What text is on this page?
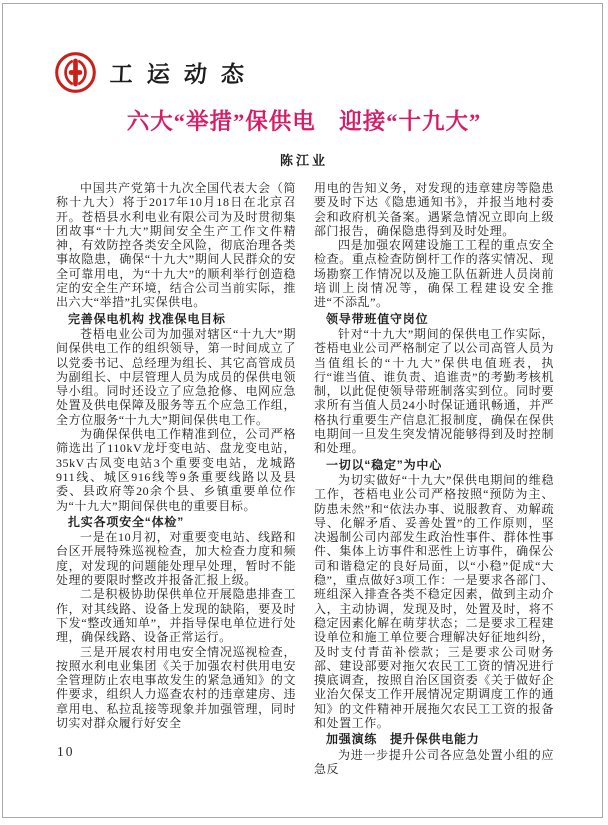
工运动态
六大“举措”保供电　迎接“十九大”
陈江业
中国共产党第十九次全国代表大会（简称十九大）将于2017年10月18日在北京召开。苍梧县水利电业有限公司为及时贯彻集团故事“十九大”期间安全生产工作文件精神，有效防控各类安全风险，彻底治理各类事故隐患，确保“十九大”期间人民群众的安全可靠用电，为“十九大”的顺利举行创造稳定的安全生产环境，结合公司当前实际，推出六大“举措”扎实保供电。
完善保电机构 找准保电目标
苍梧电业公司为加强对辖区“十九大”期间保供电工作的组织领导，第一时间成立了以党委书记、总经理为组长、其它高管成员为副组长、中层管理人员为成员的保供电领导小组。同时还设立了应急抢修、电网应急处置及供电保障及服务等五个应急工作组，全方位服务“十九大”期间保供电工作。
为确保保供电工作精准到位，公司严格筛选出了110kV龙圩变电站、盘龙变电站，35kV古凤变电站3个重要变电站，龙城路911线、城区916线等9条重要线路以及县委、县政府等20余个县、乡镇重要单位作为“十九大”期间保供电的重要目标。
扎实各项安全“体检”
一是在10月初，对重要变电站、线路和台区开展特殊巡视检查，加大检查力度和频度，对发现的问题能处理早处理，暂时不能处理的要限时整改并报备汇报上级。
二是积极协助保供单位开展隐患排查工作，对其线路、设备上发现的缺陷，要及时下发“整改通知单”，并指导保电单位进行处理，确保线路、设备正常运行。
三是开展农村用电安全情况巡视检查，按照水利电业集团《关于加强农村供用电安全管理防止农电事故发生的紧急通知》的文件要求，组织人力巡查农村的违章建房、违章用电、私拉乱接等现象并加强管理，同时切实对群众履行好安全
用电的告知义务，对发现的违章建房等隐患要及时下达《隐患通知书》，并报当地村委会和政府机关备案。遇紧急情况立即向上级部门报告，确保隐患得到及时处理。
四是加强农网建设施工工程的重点安全检查。重点检查防倒杆工作的落实情况、现场勘察工作情况以及施工队伍新进人员岗前培训上岗情况等，确保工程建设安全推进“不添乱”。
领导带班值守岗位
针对“十九大”期间的保供电工作实际，苍梧电业公司严格制定了以公司高管人员为当值组长的“十九大”保供电值班表，执行“谁当值、谁负责、追谁责”的考勤考核机制，以此促使领导带班制落实到位。同时要求所有当值人员24小时保证通讯畅通，并严格执行重要生产信息汇报制度，确保在保供电期间一旦发生突发情况能够得到及时控制和处理。
一切以“稳定”为中心
为切实做好“十九大”保供电期间的维稳工作，苍梧电业公司严格按照“预防为主、防患未然”和“依法办事、说服教育、劝解疏导、化解矛盾、妥善处置”的工作原则，坚决遏制公司内部发生政治性事件、群体性事件、集体上访事件和恶性上访事件，确保公司和谐稳定的良好局面，以“小稳”促成“大稳”，重点做好3项工作：一是要求各部门、班组深入排查各类不稳定因素，做到主动介入，主动协调，发现及时，处置及时，将不稳定因素化解在萌芽状态；二是要求工程建设单位和施工单位要合理解决好征地纠纷，及时支付青苗补偿款；三是要求公司财务部、建设部要对拖欠农民工工资的情况进行摸底调查，按照自治区国资委《关于做好企业治欠保支工作开展情况定期调度工作的通知》的文件精神开展拖欠农民工工资的报备和处置工作。
加强演练　提升保供电能力
为进一步提升公司各应急处置小组的应急反
10
